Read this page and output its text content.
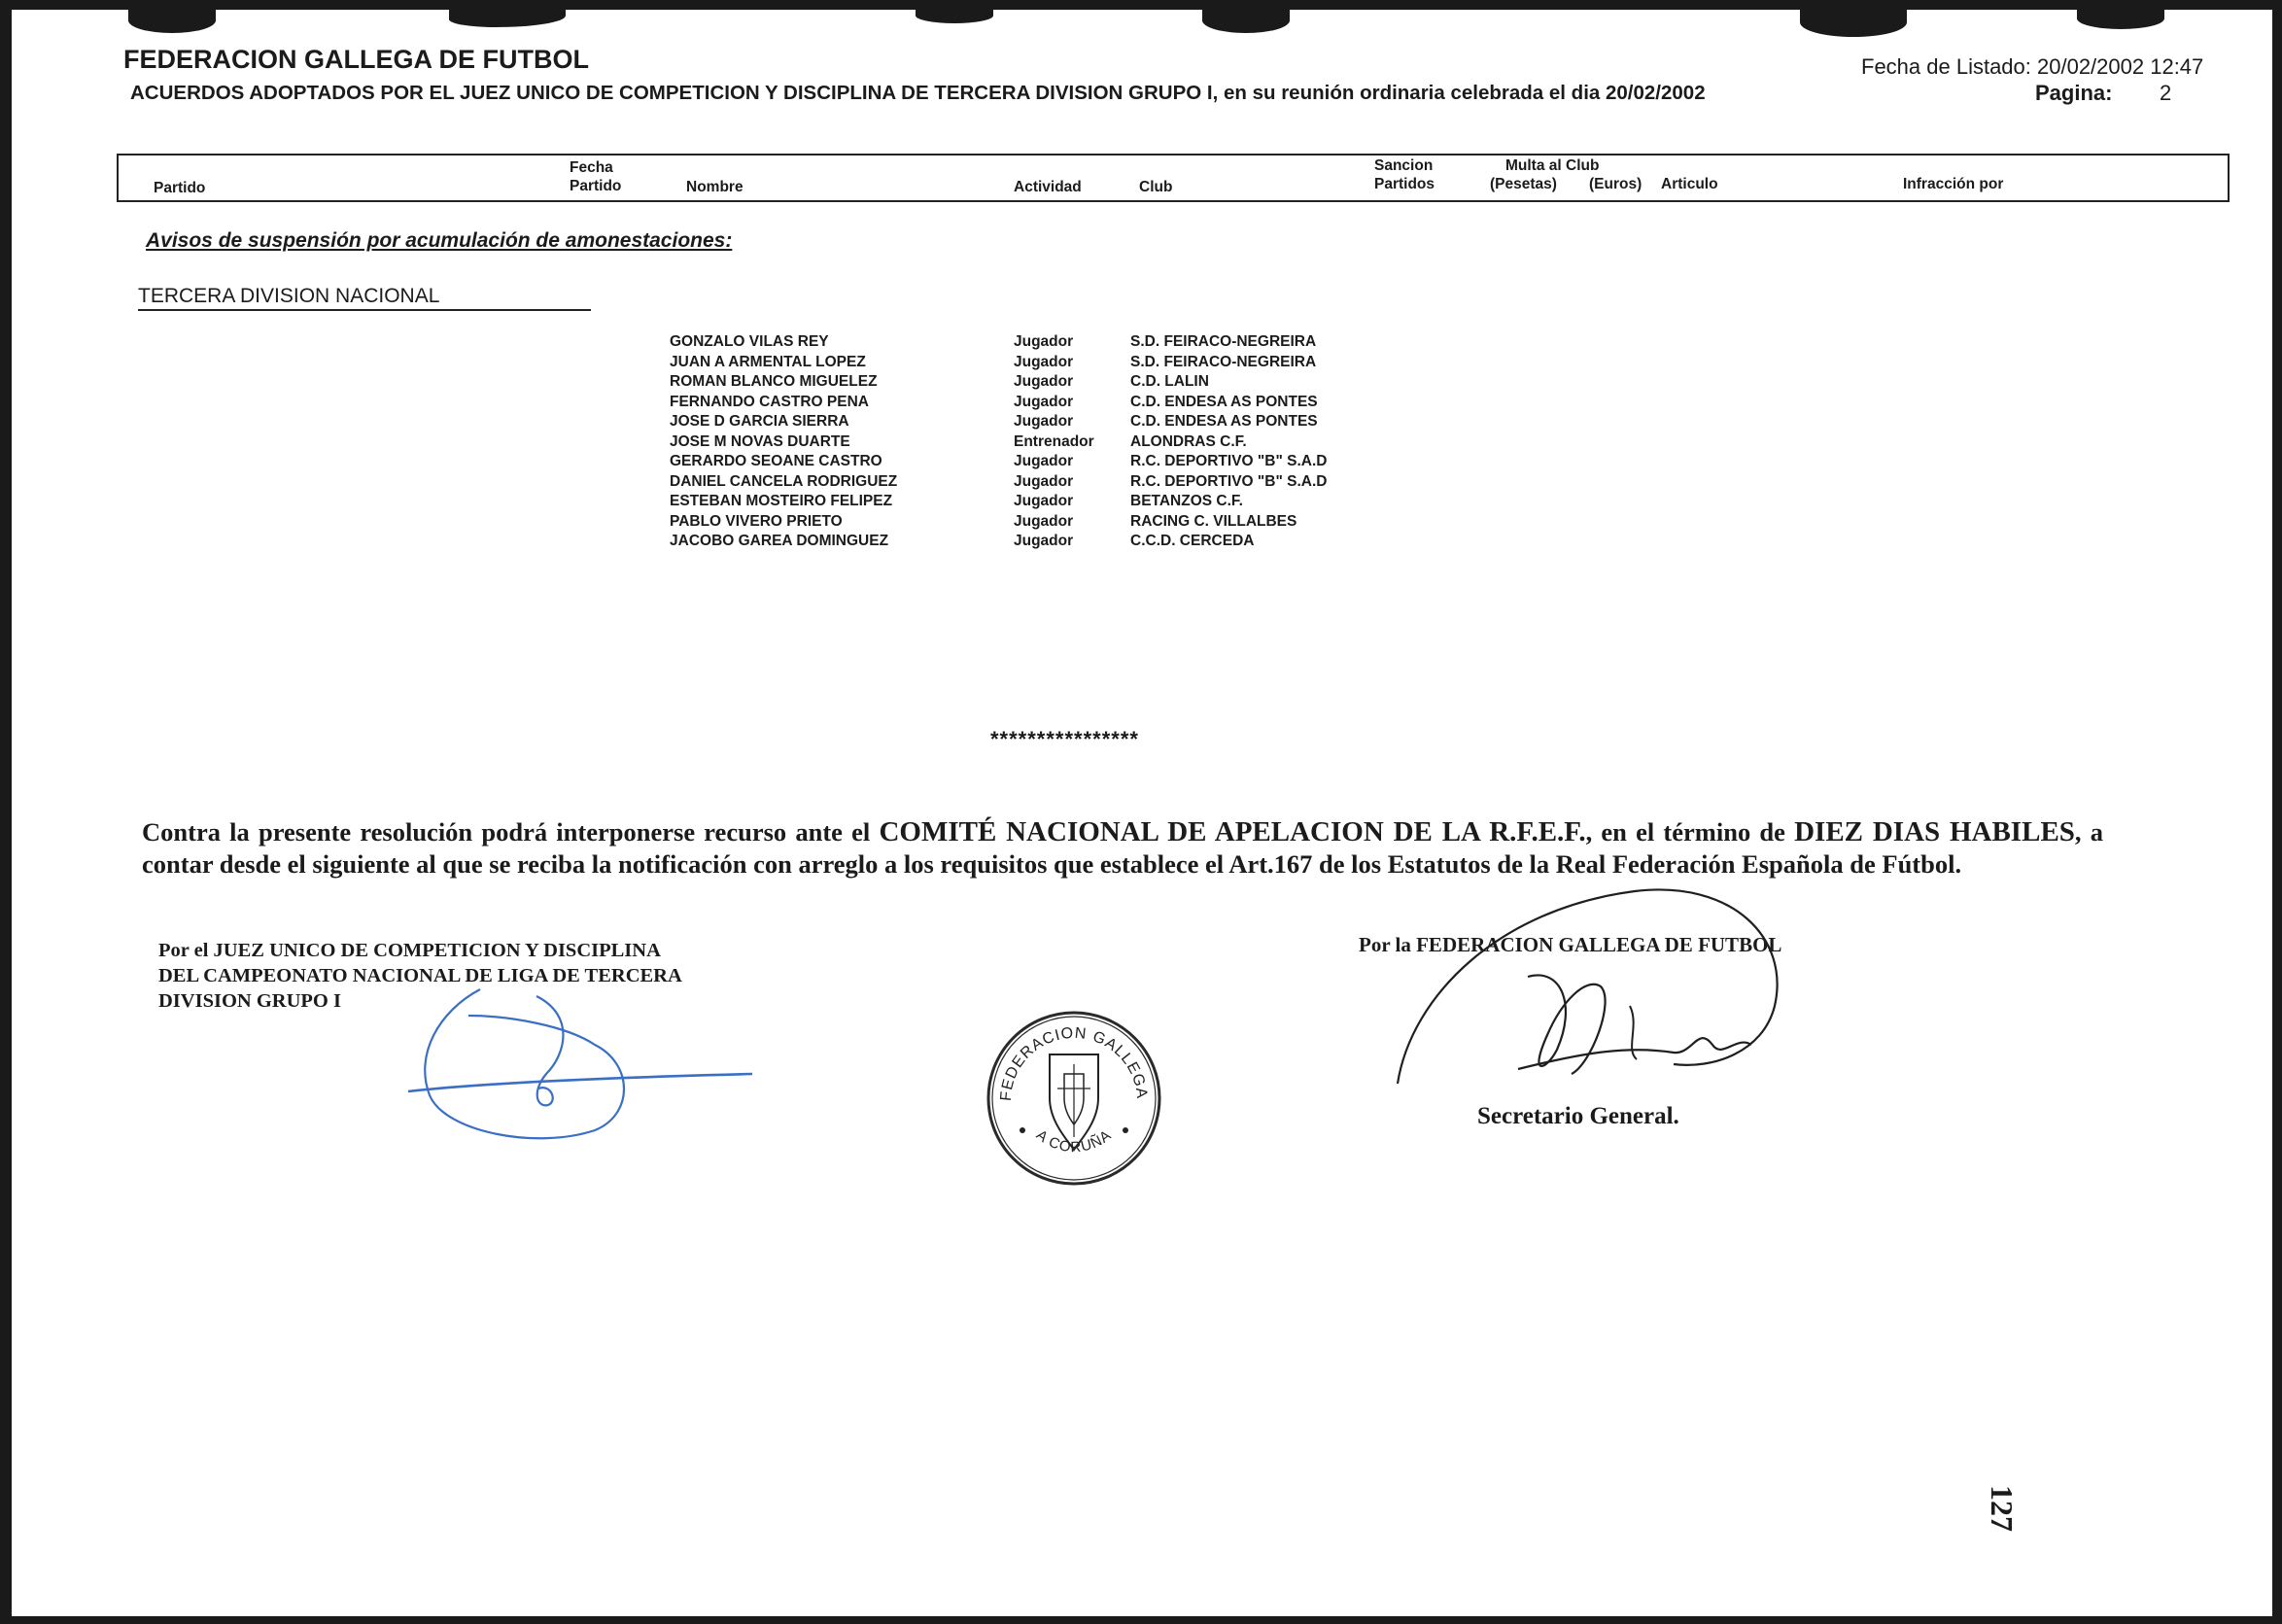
FEDERACION GALLEGA DE FUTBOL
ACUERDOS ADOPTADOS POR EL JUEZ UNICO DE COMPETICION Y DISCIPLINA DE TERCERA DIVISION GRUPO I, en su reunión ordinaria celebrada el dia 20/02/2002
Fecha de Listado: 20/02/2002 12:47
Pagina: 2
Partido
Fecha
Partido	Nombre	Actividad	Club
Sancion
Partidos
Multa al Club
(Pesetas) (Euros) Articulo	Infracción por
Avisos de suspensión por acumulación de amonestaciones:
TERCERA DIVISION NACIONAL
GONZALO VILAS REY	Jugador	S.D. FEIRACO-NEGREIRA
JUAN A ARMENTAL LOPEZ	Jugador	S.D. FEIRACO-NEGREIRA
ROMAN BLANCO MIGUELEZ	Jugador	C.D. LALIN
FERNANDO CASTRO PENA	Jugador	C.D. ENDESA AS PONTES
JOSE D GARCIA SIERRA	Jugador	C.D. ENDESA AS PONTES
JOSE M NOVAS DUARTE	Entrenador ALONDRAS C.F.
GERARDO SEOANE CASTRO	Jugador	R.C. DEPORTIVO "B" S.A.D
DANIEL CANCELA RODRIGUEZ	Jugador	R.C. DEPORTIVO "B" S.A.D
ESTEBAN MOSTEIRO FELIPEZ	Jugador	BETANZOS C.F.
PABLO VIVERO PRIETO	Jugador	RACING C. VILLALBES
JACOBO GAREA DOMINGUEZ	Jugador	C.C.D. CERCEDA
****************
Contra la presente resolución podrá interponerse recurso ante el COMITÉ NACIONAL DE APELACION DE LA R.F.E.F., en el término de DIEZ DIAS HABILES, a contar desde el siguiente al que se reciba la notificación con arreglo a los requisitos que establece el Art.167 de los Estatutos de la Real Federación Española de Fútbol.
Por el JUEZ UNICO DE COMPETICION Y DISCIPLINA
DEL CAMPEONATO NACIONAL DE LIGA DE TERCERA
DIVISION GRUPO I
FEDERACION GALLEGA DE FUTBOL
A CORUÑA
Por la FEDERACION GALLEGA DE FUTBOL
Secretario General.
127
